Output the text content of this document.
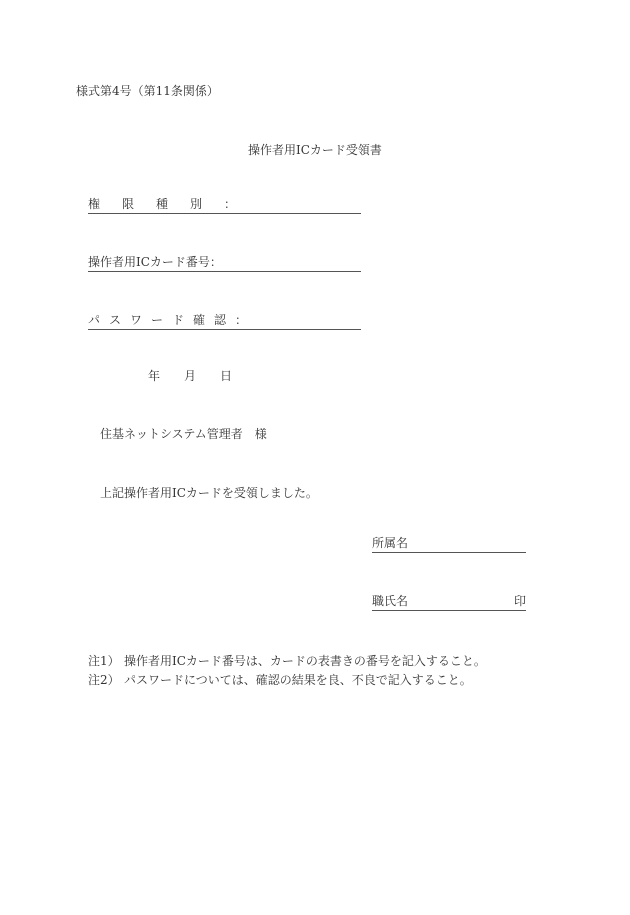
様式第4号（第11条関係）
操作者用ICカード受領書
権限種別：
操作者用ICカード番号：
パスワード確認：
年 月 日
住基ネットシステム管理者　様
上記操作者用ICカードを受領しました。
所属名
職氏名	印
注1） 操作者用ICカード番号は、カードの表書きの番号を記入すること。
注2） パスワードについては、確認の結果を良、不良で記入すること。
